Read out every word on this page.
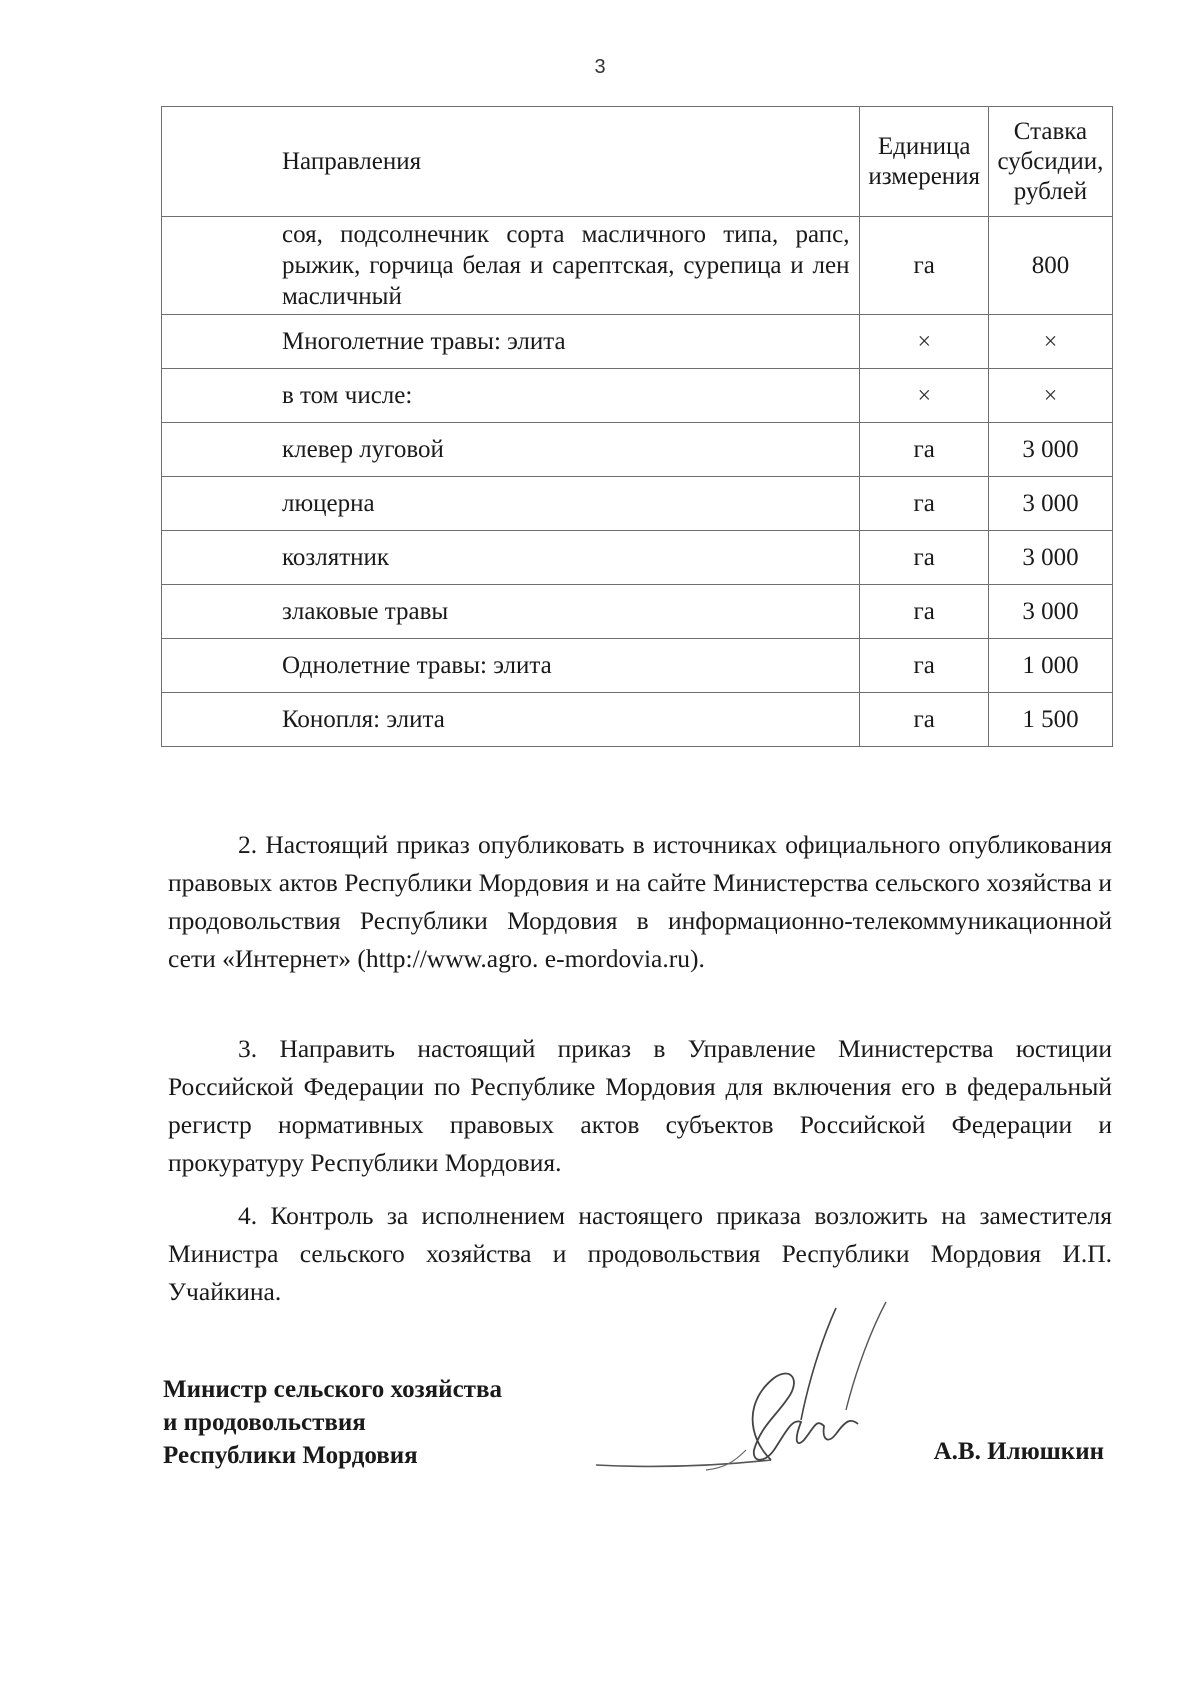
3
Направления	Единица измерения	Ставка субсидии, рублей
соя, подсолнечник сорта масличного типа, рапс, рыжик, горчица белая и сарептская, сурепица и лен масличный	га	800
Многолетние травы: элита	×	×
в том числе:	×	×
клевер луговой	га	3 000
люцерна	га	3 000
козлятник	га	3 000
злаковые травы	га	3 000
Однолетние травы: элита	га	1 000
Конопля: элита	га	1 500

2. Настоящий приказ опубликовать в источниках официального опубликования правовых актов Республики Мордовия и на сайте Министерства сельского хозяйства и продовольствия Республики Мордовия в информационно-телекоммуникационной сети «Интернет» (http://www.agro. e-mordovia.ru).

3. Направить настоящий приказ в Управление Министерства юстиции Российской Федерации по Республике Мордовия для включения его в федеральный регистр нормативных правовых актов субъектов Российской Федерации и прокуратуру Республики Мордовия.

4. Контроль за исполнением настоящего приказа возложить на заместителя Министра сельского хозяйства и продовольствия Республики Мордовия И.П. Учайкина.

Министр сельского хозяйства
и продовольствия
Республики Мордовия	А.В. Илюшкин
